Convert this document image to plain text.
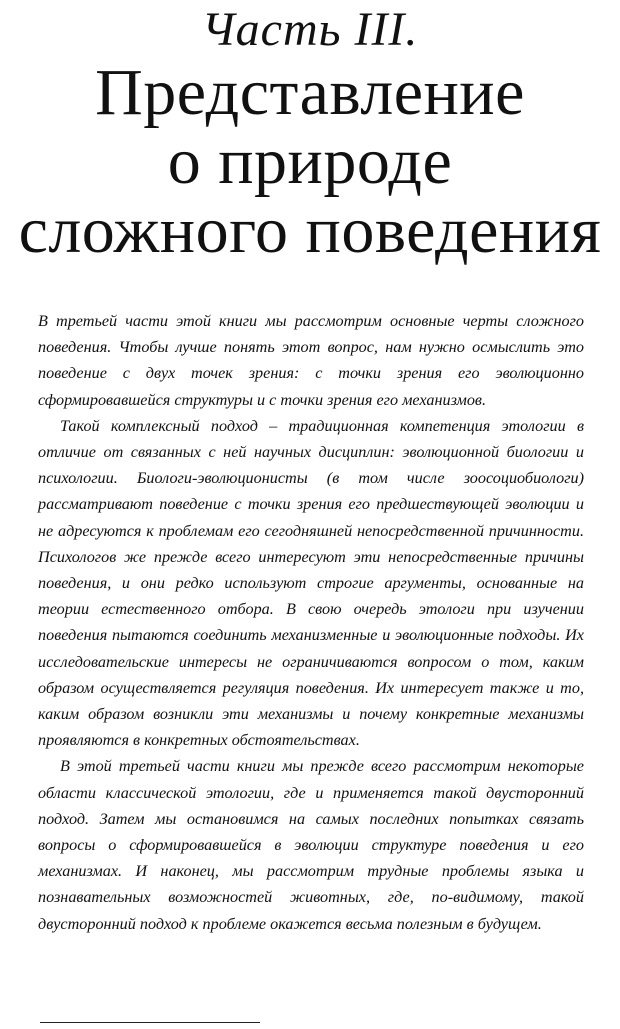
Часть III.
Представление
о природе
сложного поведения

В третьей части этой книги мы рассмотрим основные черты сложного поведения. Чтобы лучше понять этот вопрос, нам нужно осмыслить это поведение с двух точек зрения: с точки зрения его эволюционно сформировавшейся структуры и с точки зрения его механизмов.

Такой комплексный подход – традиционная компетенция этологии в отличие от связанных с ней научных дисциплин: эволюционной биологии и психологии. Биологи-эволюционисты (в том числе зоосоциобиологи) рассматривают поведение с точки зрения его предшествующей эволюции и не адресуются к проблемам его сегодняшней непосредственной причинности. Психологов же прежде всего интересуют эти непосредственные причины поведения, и они редко используют строгие аргументы, основанные на теории естественного отбора. В свою очередь этологи при изучении поведения пытаются соединить механизменные и эволюционные подходы. Их исследовательские интересы не ограничиваются вопросом о том, каким образом осуществляется регуляция поведения. Их интересует также и то, каким образом возникли эти механизмы и почему конкретные механизмы проявляются в конкретных обстоятельствах.

В этой третьей части книги мы прежде всего рассмотрим некоторые области классической этологии, где и применяется такой двусторонний подход. Затем мы остановимся на самых последних попытках связать вопросы о сформировавшейся в эволюции структуре поведения и его механизмах. И наконец, мы рассмотрим трудные проблемы языка и познавательных возможностей животных, где, по-видимому, такой двусторонний подход к проблеме окажется весьма полезным в будущем.
